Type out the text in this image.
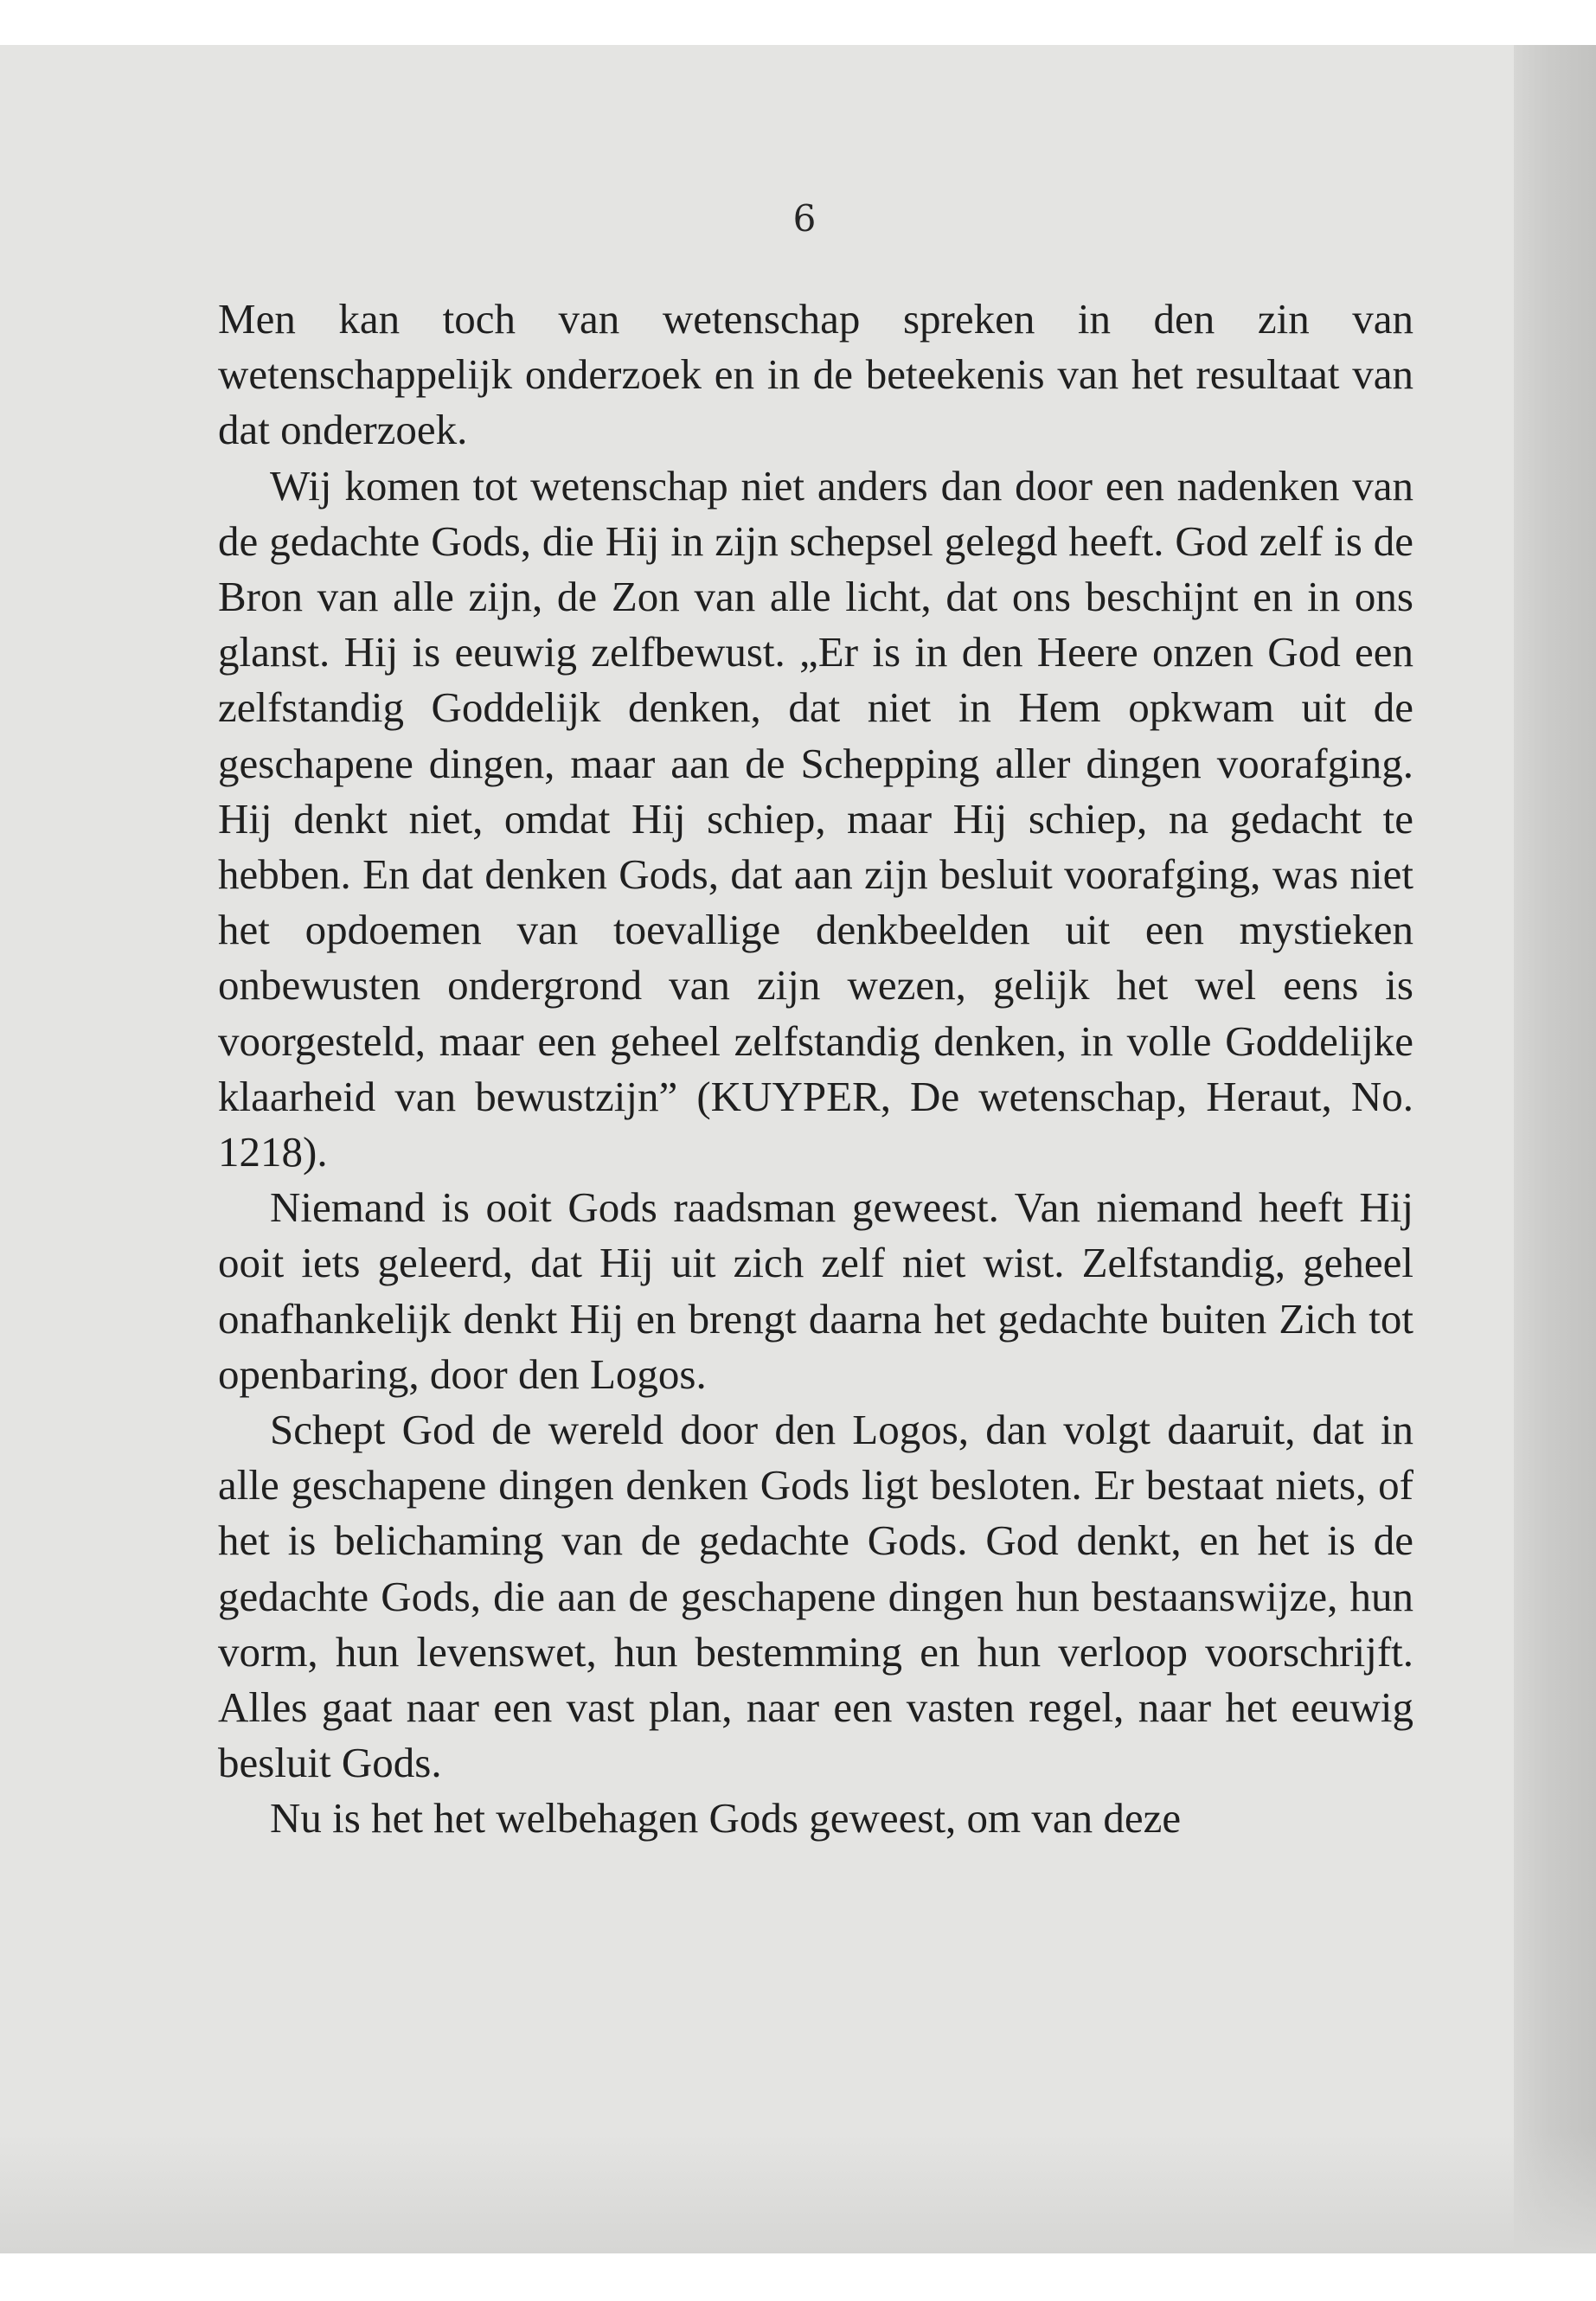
6

Men kan toch van wetenschap spreken in den zin van wetenschappelijk onderzoek en in de beteekenis van het resultaat van dat onderzoek.

Wij komen tot wetenschap niet anders dan door een nadenken van de gedachte Gods, die Hij in zijn schepsel gelegd heeft. God zelf is de Bron van alle zijn, de Zon van alle licht, dat ons beschijnt en in ons glanst. Hij is eeuwig zelfbewust. „Er is in den Heere onzen God een zelfstandig Goddelijk denken, dat niet in Hem opkwam uit de geschapene dingen, maar aan de Schepping aller dingen voorafging. Hij denkt niet, omdat Hij schiep, maar Hij schiep, na gedacht te hebben. En dat denken Gods, dat aan zijn besluit voorafging, was niet het opdoemen van toevallige denkbeelden uit een mystieken onbewusten ondergrond van zijn wezen, gelijk het wel eens is voorgesteld, maar een geheel zelfstandig denken, in volle Goddelijke klaarheid van bewustzijn” (KUYPER, De wetenschap, Heraut, No. 1218).

Niemand is ooit Gods raadsman geweest. Van niemand heeft Hij ooit iets geleerd, dat Hij uit zich zelf niet wist. Zelfstandig, geheel onafhankelijk denkt Hij en brengt daarna het gedachte buiten Zich tot openbaring, door den Logos.

Schept God de wereld door den Logos, dan volgt daaruit, dat in alle geschapene dingen denken Gods ligt besloten. Er bestaat niets, of het is belichaming van de gedachte Gods. God denkt, en het is de gedachte Gods, die aan de geschapene dingen hun bestaanswijze, hun vorm, hun levenswet, hun bestemming en hun verloop voorschrijft. Alles gaat naar een vast plan, naar een vasten regel, naar het eeuwig besluit Gods.

Nu is het het welbehagen Gods geweest, om van deze
